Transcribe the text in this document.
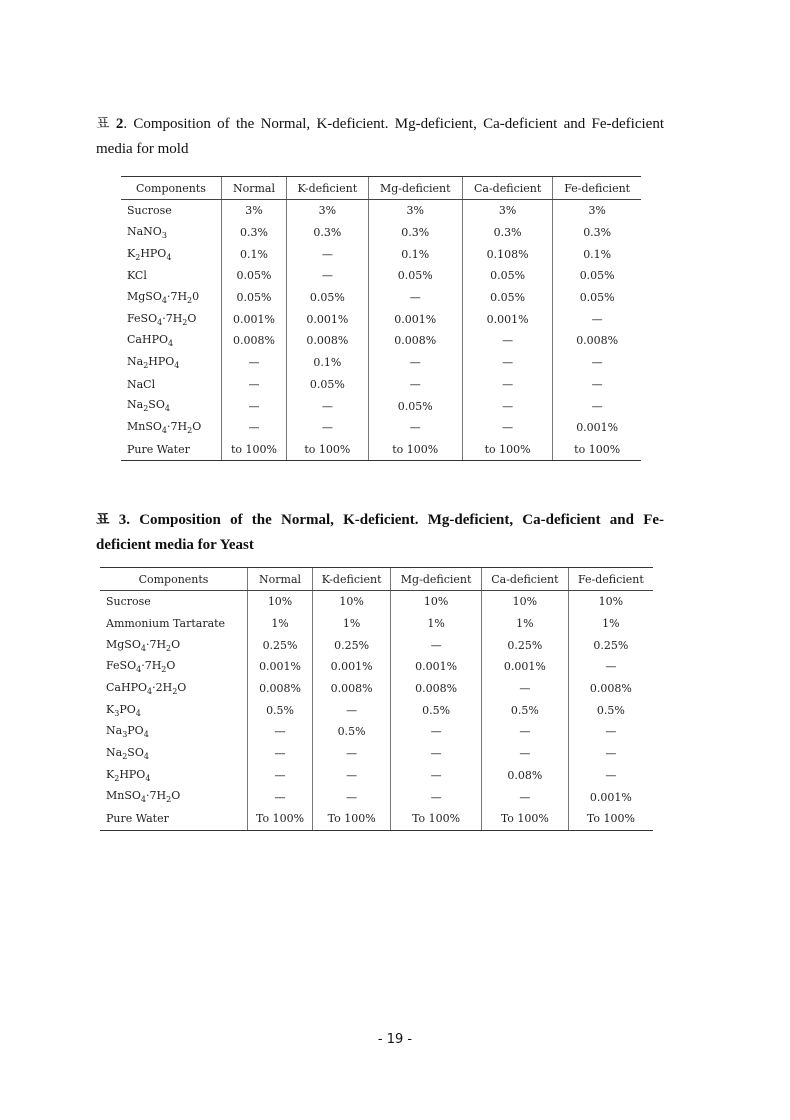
표 2. Composition of the Normal, K-deficient. Mg-deficient, Ca-deficient and Fe-deficient media for mold
Components	Normal	K-deficient	Mg-deficient	Ca-deficient	Fe-deficient
Sucrose	3%	3%	3%	3%	3%
NaNO$_3$	0.3%	0.3%	0.3%	0.3%	0.3%
$K_2HPO_4$	0.1%	—	0.1%	0.108%	0.1%
KCl	0.05%	—	0.05%	0.05%	0.05%
$MgSO_4\cdot 7H_20$	0.05%	0.05%	—	0.05%	0.05%
$FeSO_4\cdot 7H_2O$	0.001%	0.001%	0.001%	0.001%	—
CaHPO$_4$	0.008%	0.008%	0.008%	—	0.008%
$Na_2HPO_4$	—	0.1%	—	—	—
NaCl	—	0.05%	—	—	—
$Na_2SO_4$	—	—	0.05%	—	—
$MnSO_4\cdot 7H_2O$	—	—	—	—	0.001%
Pure Water	to 100%	to 100%	to 100%	to 100%	to 100%
표 3. Composition of the Normal, K-deficient. Mg-deficient, Ca-deficient and Fe-deficient media for Yeast
Components	Normal	K-deficient	Mg-deficient	Ca-deficient	Fe-deficient
Sucrose	10%	10%	10%	10%	10%
Ammonium Tartarate	1%	1%	1%	1%	1%
$MgSO_4\cdot 7H_2O$	0.25%	0.25%	—	0.25%	0.25%
$FeSO_4\cdot 7H_2O$	0.001%	0.001%	0.001%	0.001%	—
$CaHPO_4\cdot 2H_2O$	0.008%	0.008%	0.008%	—	0.008%
$K_3PO_4$	0.5%	—	0.5%	0.5%	0.5%
$Na_3PO_4$	—	0.5%	—	—	—
$Na_2SO_4$	—	—	—	—	—
$K_2HPO_4$	—	—	—	0.08%	—
$MnSO_4\cdot 7H_2O$	—	—	—	—	0.001%
Pure Water	To 100%	To 100%	To 100%	To 100%	To 100%
- 19 -
